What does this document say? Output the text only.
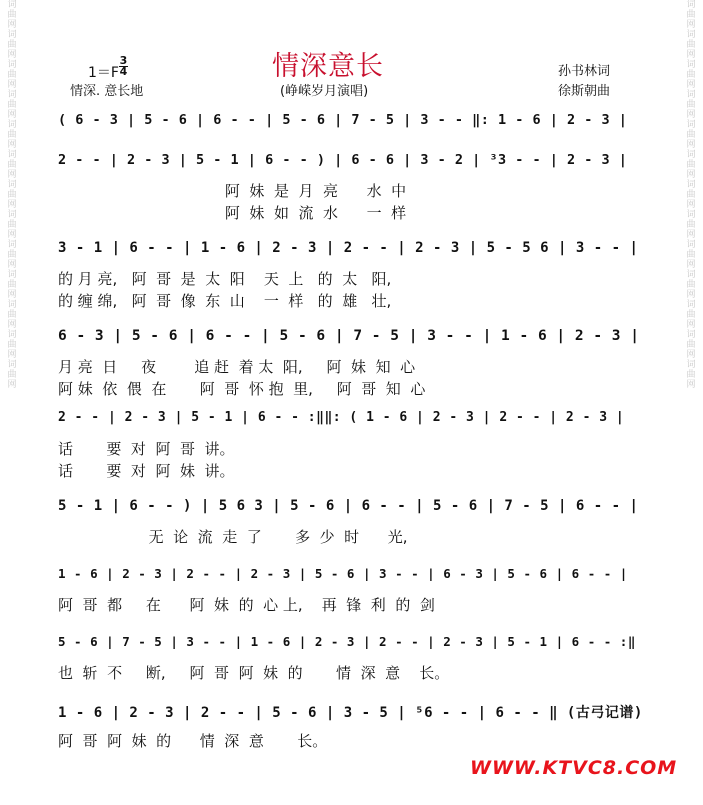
词曲网词曲网词曲网词曲网词曲网词曲网词曲网词曲网词曲网词曲网词曲网词曲网词曲网
词曲网词曲网词曲网词曲网词曲网词曲网词曲网词曲网词曲网词曲网词曲网词曲网词曲网
1＝F
3
4	情深意长
情深. 意长地	(峥嵘岁月演唱)
孙书林词
徐斯朝曲
( 6 - 3 | 5 - 6 | 6 - - | 5 - 6 | 7 - 5 | 3 - - ‖: 1 - 6 | 2 - 3 |
2 - - | 2 - 3 | 5 - 1 | 6 - - ) | 6 - 6 | 3 - 2 | ³3 - - | 2 - 3 |
阿  妹  是  月  亮      水  中
阿  妹  如  流  水      一  样
3 - 1 | 6 - - | 1 - 6 | 2 - 3 | 2 - - | 2 - 3 | 5 - 5 6 | 3 - - |
的 月 亮,   阿  哥  是  太  阳    天  上   的  太   阳,
的 缠 绵,   阿  哥  像  东  山    一  样   的  雄   壮,
6 - 3 | 5 - 6 | 6 - - | 5 - 6 | 7 - 5 | 3 - - | 1 - 6 | 2 - 3 |
月 亮  日     夜        追 赶  着 太  阳,     阿  妹  知  心
阿 妹  依  偎  在       阿  哥  怀 抱  里,     阿  哥  知  心
2 - - | 2 - 3 | 5 - 1 | 6 - - :‖‖: ( 1 - 6 | 2 - 3 | 2 - - | 2 - 3 |
话       要  对  阿  哥  讲。
话       要  对  阿  妹  讲。
5 - 1 | 6 - - ) | 5 6 3 | 5 - 6 | 6 - - | 5 - 6 | 7 - 5 | 6 - - |
无  论  流  走  了       多  少  时      光,
1 - 6 | 2 - 3 | 2 - - | 2 - 3 | 5 - 6 | 3 - - | 6 - 3 | 5 - 6 | 6 - - |
阿  哥  都     在      阿  妹  的  心 上,    再  锋  利  的  剑
5 - 6 | 7 - 5 | 3 - - | 1 - 6 | 2 - 3 | 2 - - | 2 - 3 | 5 - 1 | 6 - - :‖
也  斩  不     断,     阿  哥  阿  妹  的       情  深  意    长。
1 - 6 | 2 - 3 | 2 - - | 5 - 6 | 3 - 5 | ⁵6 - - | 6 - - ‖ (古弓记谱)
阿  哥  阿  妹  的      情  深  意       长。
WWW.KTVC8.COM
